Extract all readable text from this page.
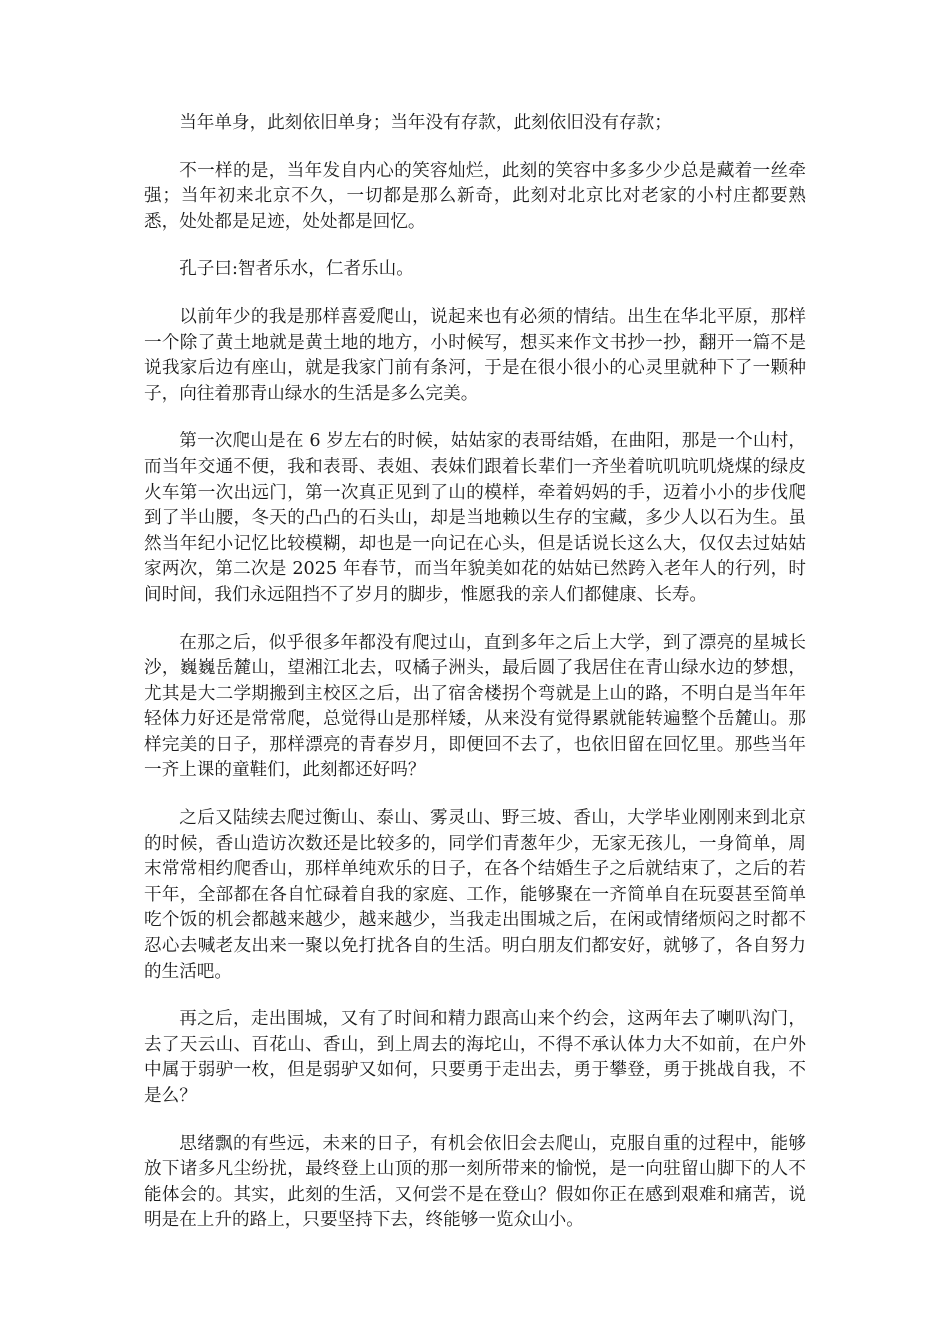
当年单身，此刻依旧单身；当年没有存款，此刻依旧没有存款；

不一样的是，当年发自内心的笑容灿烂，此刻的笑容中多多少少总是藏着一丝牵强；当年初来北京不久，一切都是那么新奇，此刻对北京比对老家的小村庄都要熟悉，处处都是足迹，处处都是回忆。

孔子曰:智者乐水，仁者乐山。

以前年少的我是那样喜爱爬山，说起来也有必须的情结。出生在华北平原，那样一个除了黄土地就是黄土地的地方，小时候写，想买来作文书抄一抄，翻开一篇不是说我家后边有座山，就是我家门前有条河，于是在很小很小的心灵里就种下了一颗种子，向往着那青山绿水的生活是多么完美。

第一次爬山是在 6 岁左右的时候，姑姑家的表哥结婚，在曲阳，那是一个山村，而当年交通不便，我和表哥、表姐、表妹们跟着长辈们一齐坐着吭叽吭叽烧煤的绿皮火车第一次出远门，第一次真正见到了山的模样，牵着妈妈的手，迈着小小的步伐爬到了半山腰，冬天的凸凸的石头山，却是当地赖以生存的宝藏，多少人以石为生。虽然当年纪小记忆比较模糊，却也是一向记在心头，但是话说长这么大，仅仅去过姑姑家两次，第二次是 2025 年春节，而当年貌美如花的姑姑已然跨入老年人的行列，时间时间，我们永远阻挡不了岁月的脚步，惟愿我的亲人们都健康、长寿。

在那之后，似乎很多年都没有爬过山，直到多年之后上大学，到了漂亮的星城长沙，巍巍岳麓山，望湘江北去，叹橘子洲头，最后圆了我居住在青山绿水边的梦想，尤其是大二学期搬到主校区之后，出了宿舍楼拐个弯就是上山的路，不明白是当年年轻体力好还是常常爬，总觉得山是那样矮，从来没有觉得累就能转遍整个岳麓山。那样完美的日子，那样漂亮的青春岁月，即便回不去了，也依旧留在回忆里。那些当年一齐上课的童鞋们，此刻都还好吗？

之后又陆续去爬过衡山、泰山、雾灵山、野三坡、香山，大学毕业刚刚来到北京的时候，香山造访次数还是比较多的，同学们青葱年少，无家无孩儿，一身简单，周末常常相约爬香山，那样单纯欢乐的日子，在各个结婚生子之后就结束了，之后的若干年，全部都在各自忙碌着自我的家庭、工作，能够聚在一齐简单自在玩耍甚至简单吃个饭的机会都越来越少，越来越少，当我走出围城之后，在闲或情绪烦闷之时都不忍心去喊老友出来一聚以免打扰各自的生活。明白朋友们都安好，就够了，各自努力的生活吧。

再之后，走出围城，又有了时间和精力跟高山来个约会，这两年去了喇叭沟门，去了天云山、百花山、香山，到上周去的海坨山，不得不承认体力大不如前，在户外中属于弱驴一枚，但是弱驴又如何，只要勇于走出去，勇于攀登，勇于挑战自我，不是么？

思绪飘的有些远，未来的日子，有机会依旧会去爬山，克服自重的过程中，能够放下诸多凡尘纷扰，最终登上山顶的那一刻所带来的愉悦，是一向驻留山脚下的人不能体会的。其实，此刻的生活，又何尝不是在登山？假如你正在感到艰难和痛苦，说明是在上升的路上，只要坚持下去，终能够一览众山小。
